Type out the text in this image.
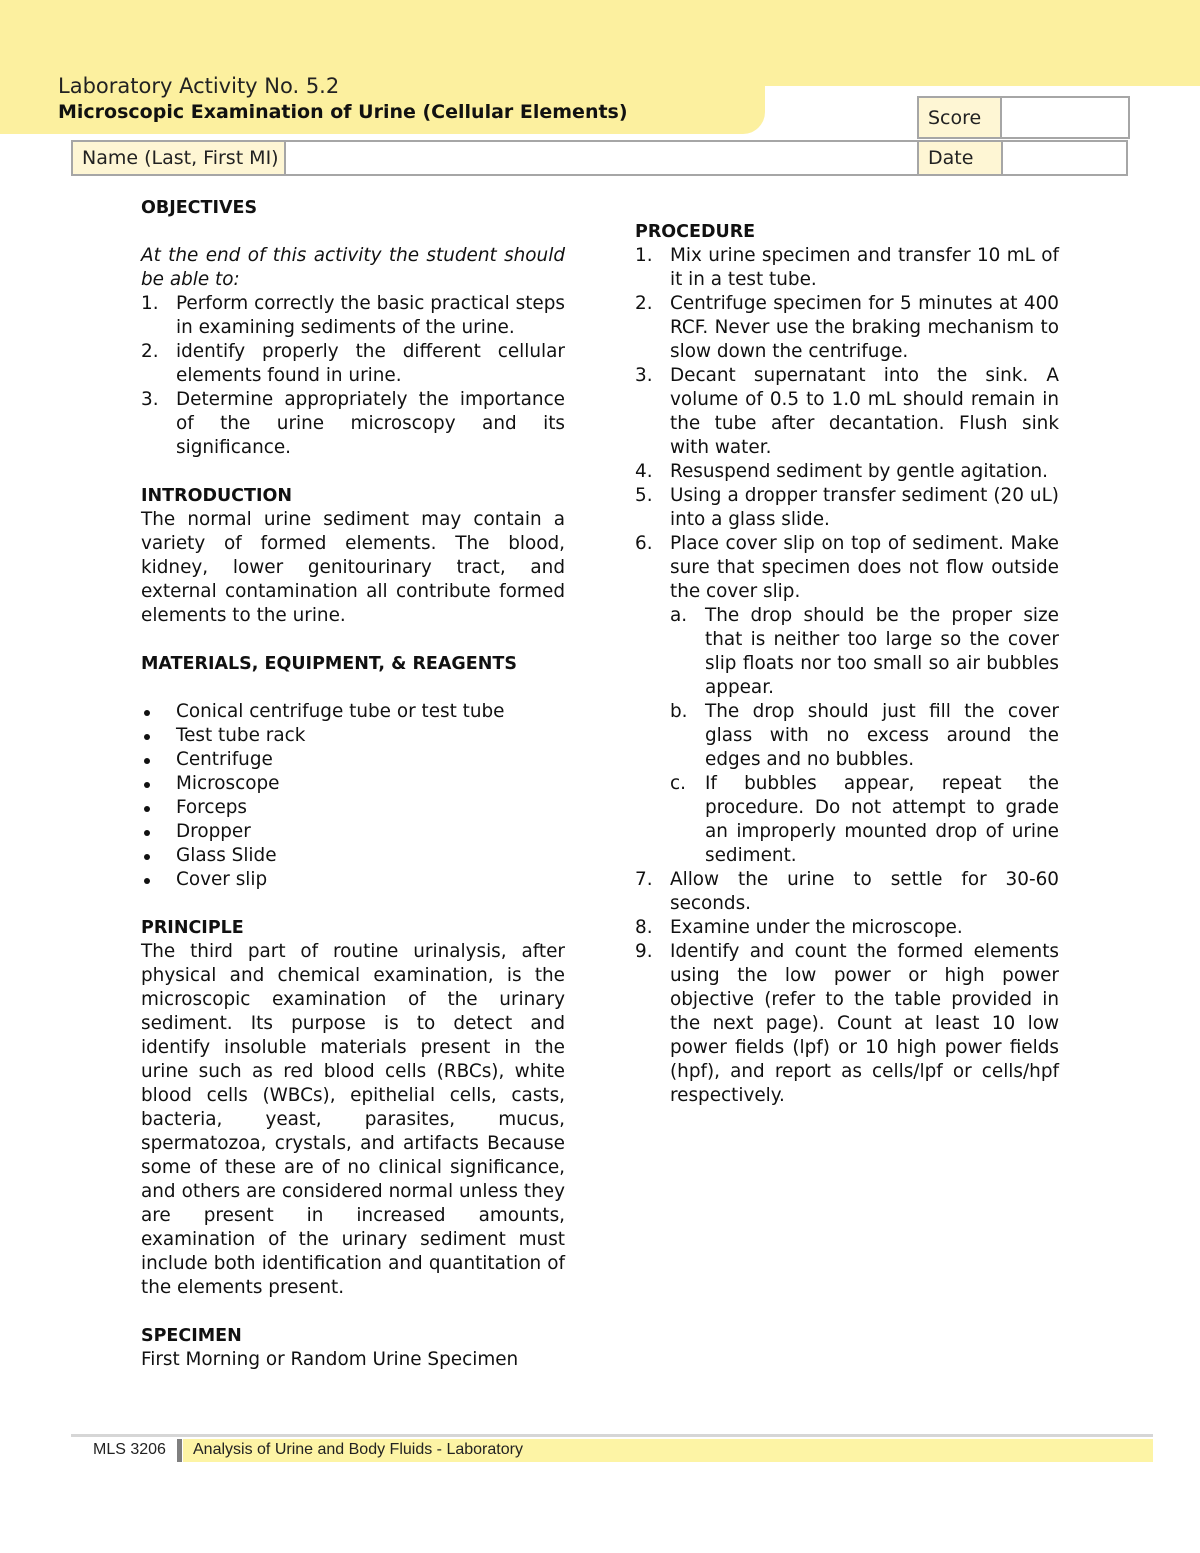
Laboratory Activity No. 5.2
Microscopic Examination of Urine (Cellular Elements)	Score
Name (Last, First MI)	Date

OBJECTIVES

At the end of this activity the student should be able to:

1. Perform correctly the basic practical steps in examining sediments of the urine.
2. identify properly the different cellular elements found in urine.
3. Determine appropriately the importance of the urine microscopy and its significance.

INTRODUCTION

The normal urine sediment may contain a variety of formed elements. The blood, kidney, lower genitourinary tract, and external contamination all contribute formed elements to the urine.

MATERIALS, EQUIPMENT, & REAGENTS

Conical centrifuge tube or test tube
Test tube rack
Centrifuge
Microscope
Forceps
Dropper
Glass Slide
Cover slip

PRINCIPLE

The third part of routine urinalysis, after physical and chemical examination, is the microscopic examination of the urinary sediment. Its purpose is to detect and identify insoluble materials present in the urine such as red blood cells (RBCs), white blood cells (WBCs), epithelial cells, casts, bacteria, yeast, parasites, mucus, spermatozoa, crystals, and artifacts Because some of these are of no clinical significance, and others are considered normal unless they are present in increased amounts, examination of the urinary sediment must include both identification and quantitation of the elements present.

SPECIMEN

First Morning or Random Urine Specimen

PROCEDURE

1. Mix urine specimen and transfer 10 mL of it in a test tube.
2. Centrifuge specimen for 5 minutes at 400 RCF. Never use the braking mechanism to slow down the centrifuge.
3. Decant supernatant into the sink. A volume of 0.5 to 1.0 mL should remain in the tube after decantation. Flush sink with water.
4. Resuspend sediment by gentle agitation.
5. Using a dropper transfer sediment (20 uL) into a glass slide.
6. Place cover slip on top of sediment. Make sure that specimen does not flow outside the cover slip.
a. The drop should be the proper size that is neither too large so the cover slip floats nor too small so air bubbles appear.
b. The drop should just fill the cover glass with no excess around the edges and no bubbles.
c. If bubbles appear, repeat the procedure. Do not attempt to grade an improperly mounted drop of urine sediment.
7. Allow the urine to settle for 30-60 seconds.
8. Examine under the microscope.
9. Identify and count the formed elements using the low power or high power objective (refer to the table provided in the next page). Count at least 10 low power fields (lpf) or 10 high power fields (hpf), and report as cells/lpf or cells/hpf respectively.
MLS 3206 Analysis of Urine and Body Fluids - Laboratory
